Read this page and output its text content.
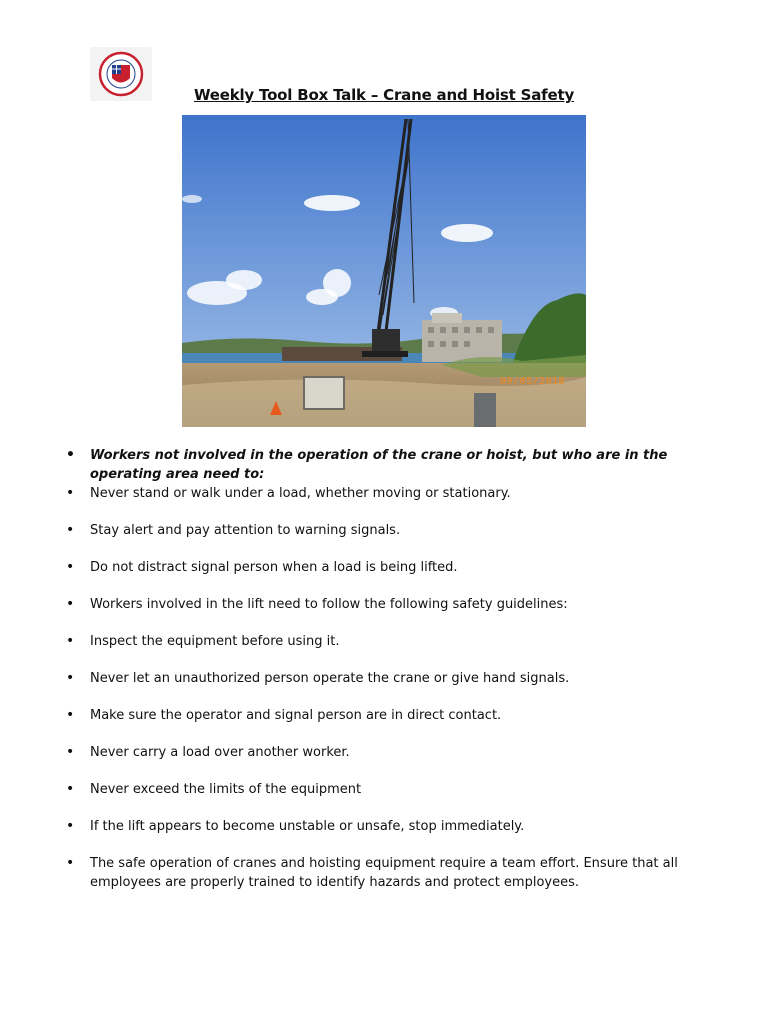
Weekly Tool Box Talk – Crane and Hoist Safety
09/05/2018
• Workers not involved in the operation of the crane or hoist, but who are in the operating area need to:
• Never stand or walk under a load, whether moving or stationary.
• Stay alert and pay attention to warning signals.
• Do not distract signal person when a load is being lifted.
• Workers involved in the lift need to follow the following safety guidelines:
• Inspect the equipment before using it.
• Never let an unauthorized person operate the crane or give hand signals.
• Make sure the operator and signal person are in direct contact.
• Never carry a load over another worker.
• Never exceed the limits of the equipment
• If the lift appears to become unstable or unsafe, stop immediately.
• The safe operation of cranes and hoisting equipment require a team effort. Ensure that all employees are properly trained to identify hazards and protect employees.
